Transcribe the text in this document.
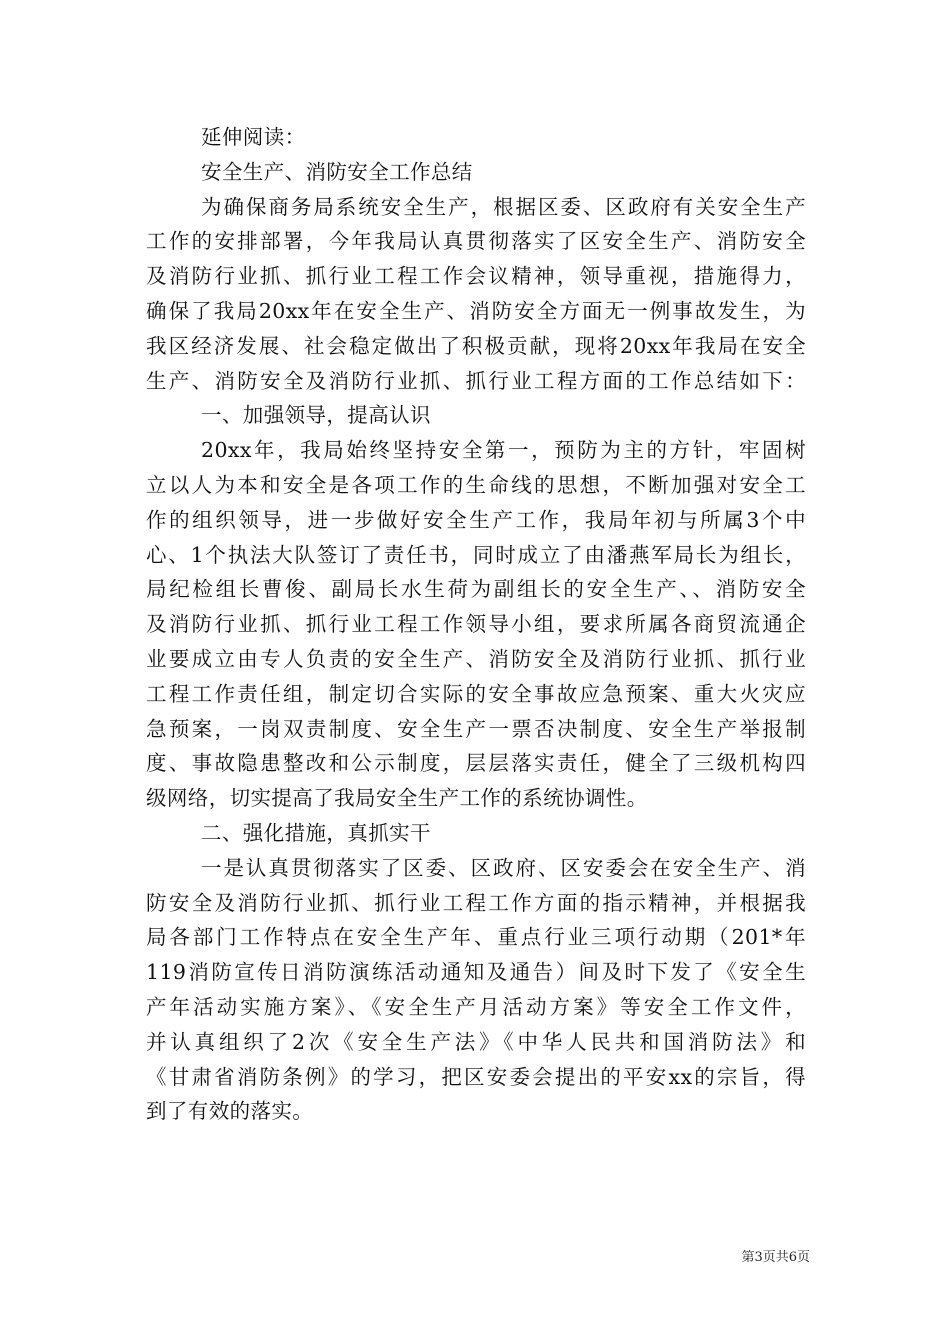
延伸阅读：
安全生产、消防安全工作总结
为确保商务局系统安全生产，根据区委、区政府有关安全生产
工作的安排部署，今年我局认真贯彻落实了区安全生产、消防安全
及消防行业抓、抓行业工程工作会议精神，领导重视，措施得力，
确保了我局20xx年在安全生产、消防安全方面无一例事故发生，为
我区经济发展、社会稳定做出了积极贡献，现将20xx年我局在安全
生产、消防安全及消防行业抓、抓行业工程方面的工作总结如下：
一、加强领导，提高认识
20xx年，我局始终坚持安全第一，预防为主的方针，牢固树
立以人为本和安全是各项工作的生命线的思想，不断加强对安全工
作的组织领导，进一步做好安全生产工作，我局年初与所属3个中
心、1个执法大队签订了责任书，同时成立了由潘燕军局长为组长，
局纪检组长曹俊、副局长水生荷为副组长的安全生产、、消防安全
及消防行业抓、抓行业工程工作领导小组，要求所属各商贸流通企
业要成立由专人负责的安全生产、消防安全及消防行业抓、抓行业
工程工作责任组，制定切合实际的安全事故应急预案、重大火灾应
急预案，一岗双责制度、安全生产一票否决制度、安全生产举报制
度、事故隐患整改和公示制度，层层落实责任，健全了三级机构四
级网络，切实提高了我局安全生产工作的系统协调性。
二、强化措施，真抓实干
一是认真贯彻落实了区委、区政府、区安委会在安全生产、消
防安全及消防行业抓、抓行业工程工作方面的指示精神，并根据我
局各部门工作特点在安全生产年、重点行业三项行动期（201*年
119消防宣传日消防演练活动通知及通告）间及时下发了《安全生
产年活动实施方案》、《安全生产月活动方案》等安全工作文件，
并认真组织了2次《安全生产法》《中华人民共和国消防法》和
《甘肃省消防条例》的学习，把区安委会提出的平安xx的宗旨，得
到了有效的落实。
第3页共6页
